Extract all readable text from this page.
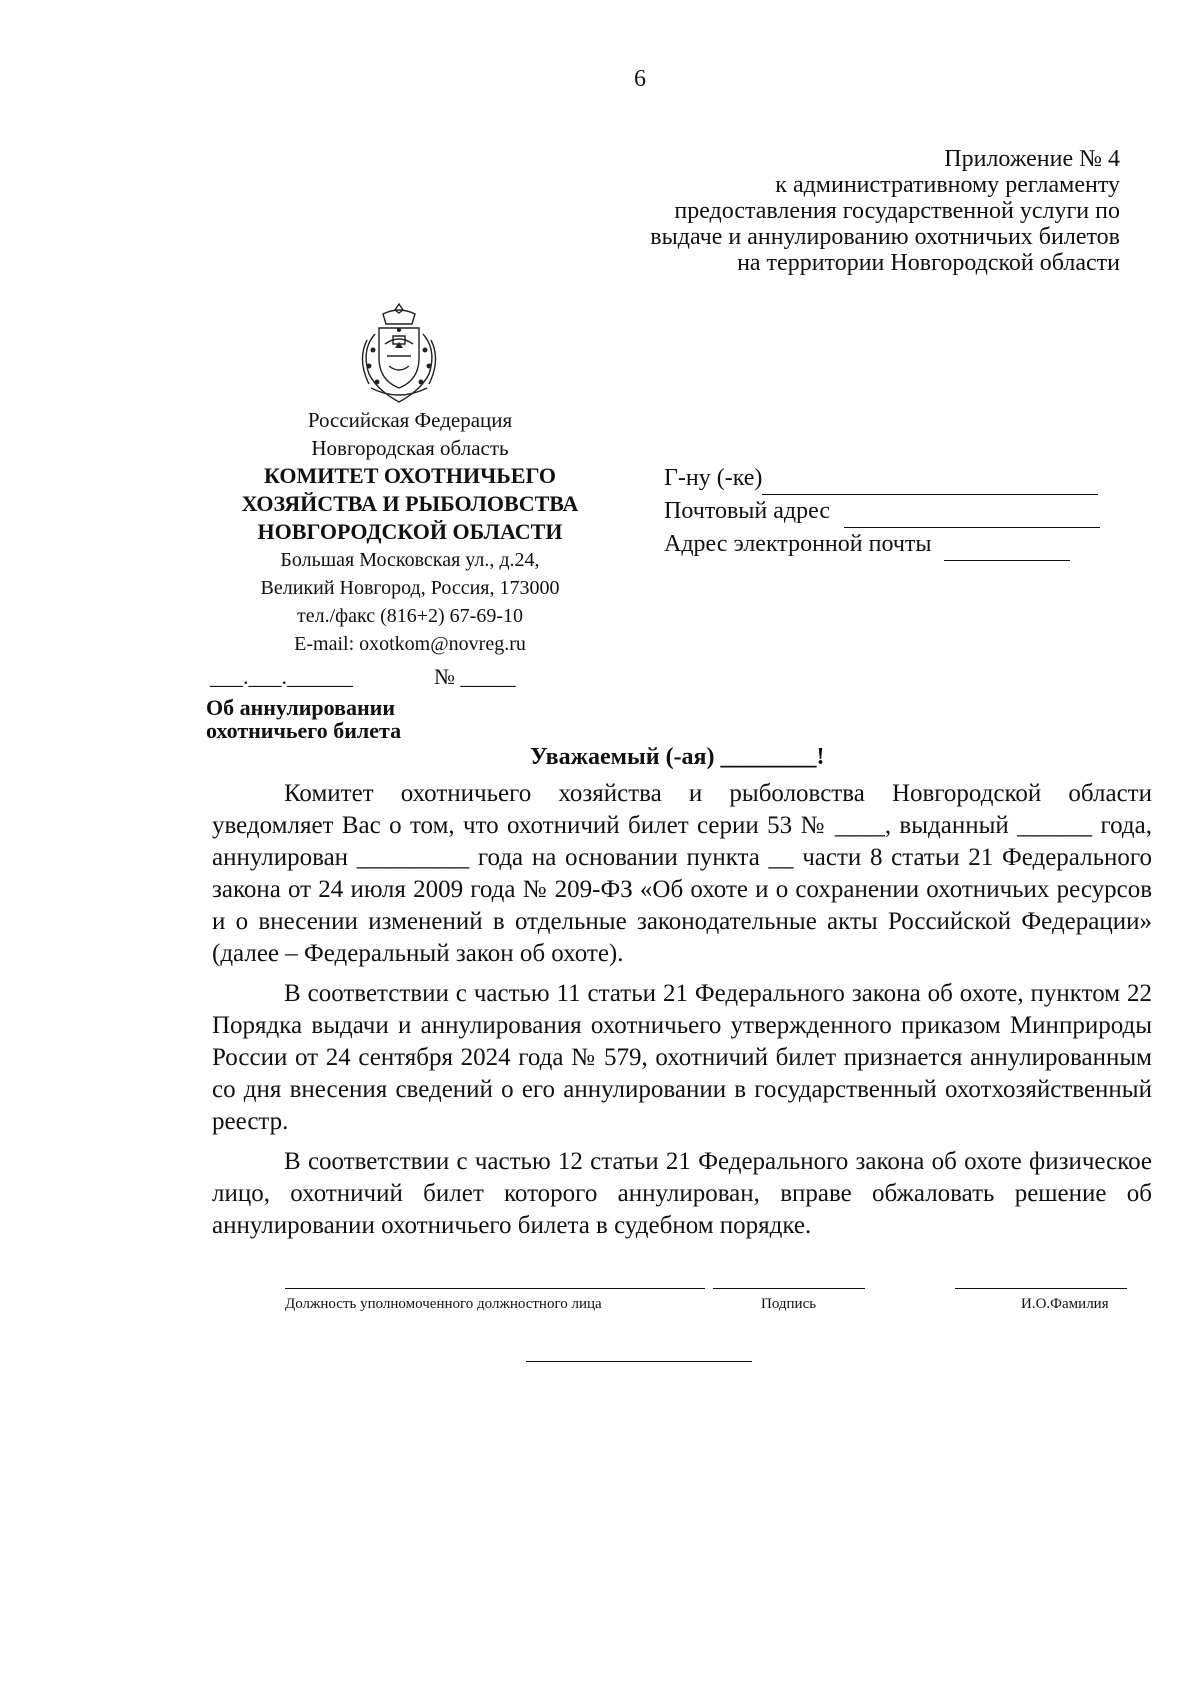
6
Приложение № 4
к административному регламенту
предоставления государственной услуги по
выдаче и аннулированию охотничьих билетов
на территории Новгородской области
Российская Федерация
Новгородская область
КОМИТЕТ ОХОТНИЧЬЕГО
ХОЗЯЙСТВА И РЫБОЛОВСТВА
НОВГОРОДСКОЙ ОБЛАСТИ
Большая Московская ул., д.24,
Великий Новгород, Россия, 173000
тел./факс (816+2) 67-69-10
E-mail: oxotkom@novreg.ru
___.___.______	№ _____
Г-ну (-ке)
Почтовый адрес
Адрес электронной почты
Об аннулировании
охотничьего билета
Уважаемый (-ая) ________!

Комитет охотничьего хозяйства и рыболовства Новгородской области уведомляет Вас о том, что охотничий билет серии 53 № ____, выданный ______ года, аннулирован _________ года на основании пункта __ части 8 статьи 21 Федерального закона от 24 июля 2009 года № 209-ФЗ «Об охоте и о сохранении охотничьих ресурсов и о внесении изменений в отдельные законодательные акты Российской Федерации» (далее – Федеральный закон об охоте).

В соответствии с частью 11 статьи 21 Федерального закона об охоте, пунктом 22 Порядка выдачи и аннулирования охотничьего утвержденного приказом Минприроды России от 24 сентября 2024 года № 579, охотничий билет признается аннулированным со дня внесения сведений о его аннулировании в государственный охотхозяйственный реестр.

В соответствии с частью 12 статьи 21 Федерального закона об охоте физическое лицо, охотничий билет которого аннулирован, вправе обжаловать решение об аннулировании охотничьего билета в судебном порядке.

Должность уполномоченного должностного лица	Подпись	И.О.Фамилия
